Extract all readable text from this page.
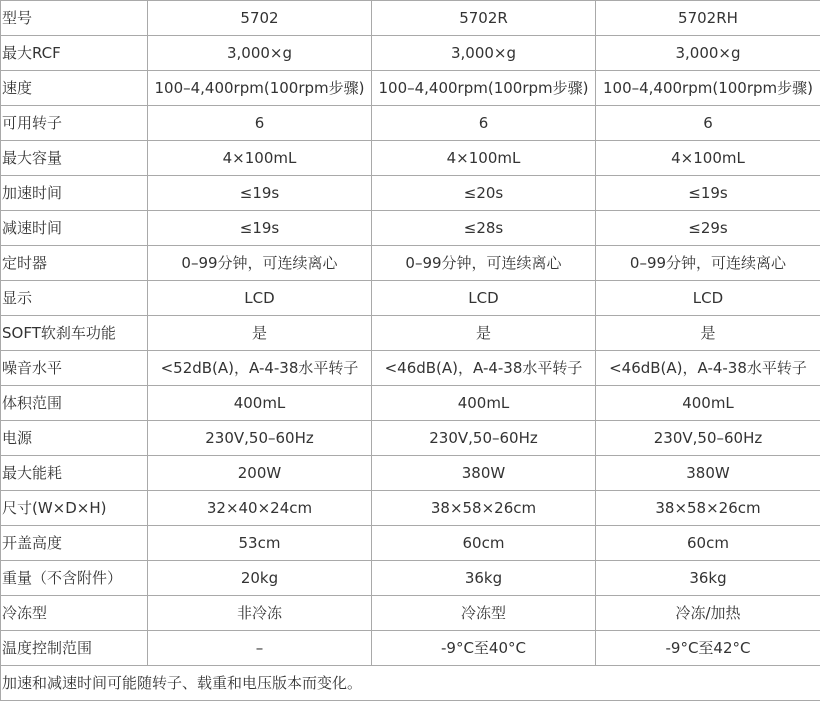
型号	5702	5702R	5702RH
最大RCF	3,000×g	3,000×g	3,000×g
速度	100–4,400rpm(100rpm步骤)	100–4,400rpm(100rpm步骤)	100–4,400rpm(100rpm步骤)
可用转子	6	6	6
最大容量	4×100mL	4×100mL	4×100mL
加速时间	≤19s	≤20s	≤19s
减速时间	≤19s	≤28s	≤29s
定时器	0–99分钟，可连续离心	0–99分钟，可连续离心	0–99分钟，可连续离心
显示	LCD	LCD	LCD
SOFT软刹车功能	是	是	是
噪音水平	<52dB(A)，A-4-38水平转子	<46dB(A)，A-4-38水平转子	<46dB(A)，A-4-38水平转子
体积范围	400mL	400mL	400mL
电源	230V,50–60Hz	230V,50–60Hz	230V,50–60Hz
最大能耗	200W	380W	380W
尺寸(W×D×H)	32×40×24cm	38×58×26cm	38×58×26cm
开盖高度	53cm	60cm	60cm
重量（不含附件）	20kg	36kg	36kg
冷冻型	非冷冻	冷冻型	冷冻/加热
温度控制范围	–	-9°C至40°C	-9°C至42°C
加速和减速时间可能随转子、载重和电压版本而变化。			
